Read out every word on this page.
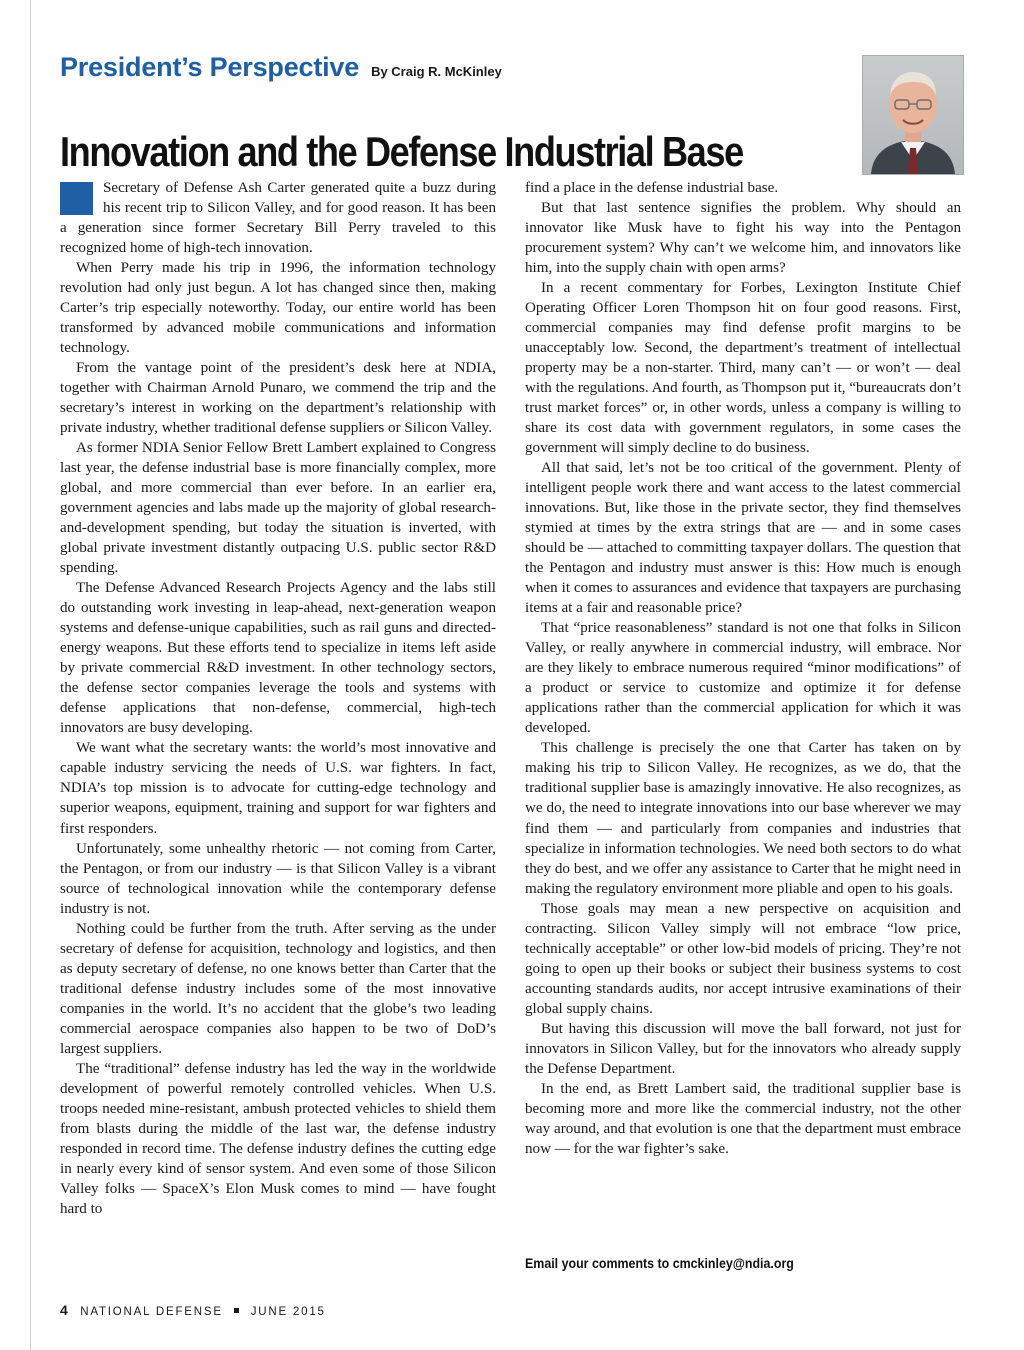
President’s Perspective By Craig R. McKinley
Innovation and the Defense Industrial Base

Secretary of Defense Ash Carter generated quite a buzz during his recent trip to Silicon Valley, and for good reason. It has been a generation since former Secretary Bill Perry traveled to this recognized home of high-tech innovation.

When Perry made his trip in 1996, the information technology revolution had only just begun. A lot has changed since then, making Carter’s trip especially noteworthy. Today, our entire world has been transformed by advanced mobile communications and information technology.

From the vantage point of the president’s desk here at NDIA, together with Chairman Arnold Punaro, we commend the trip and the secretary’s interest in working on the department’s relationship with private industry, whether traditional defense suppliers or Silicon Valley.

As former NDIA Senior Fellow Brett Lambert explained to Congress last year, the defense industrial base is more financially complex, more global, and more commercial than ever before. In an earlier era, government agencies and labs made up the majority of global research-and-development spending, but today the situation is inverted, with global private investment distantly outpacing U.S. public sector R&D spending.

The Defense Advanced Research Projects Agency and the labs still do outstanding work investing in leap-ahead, next-generation weapon systems and defense-unique capabilities, such as rail guns and directed-energy weapons. But these efforts tend to specialize in items left aside by private commercial R&D investment. In other technology sectors, the defense sector companies leverage the tools and systems with defense applications that non-defense, commercial, high-tech innovators are busy developing.

We want what the secretary wants: the world’s most innovative and capable industry servicing the needs of U.S. war fighters. In fact, NDIA’s top mission is to advocate for cutting-edge technology and superior weapons, equipment, training and support for war fighters and first responders.

Unfortunately, some unhealthy rhetoric — not coming from Carter, the Pentagon, or from our industry — is that Silicon Valley is a vibrant source of technological innovation while the contemporary defense industry is not.

Nothing could be further from the truth. After serving as the under secretary of defense for acquisition, technology and logistics, and then as deputy secretary of defense, no one knows better than Carter that the traditional defense industry includes some of the most innovative companies in the world. It’s no accident that the globe’s two leading commercial aerospace companies also happen to be two of DoD’s largest suppliers.

The “traditional” defense industry has led the way in the worldwide development of powerful remotely controlled vehicles. When U.S. troops needed mine-resistant, ambush protected vehicles to shield them from blasts during the middle of the last war, the defense industry responded in record time. The defense industry defines the cutting edge in nearly every kind of sensor system. And even some of those Silicon Valley folks — SpaceX’s Elon Musk comes to mind — have fought hard to

find a place in the defense industrial base.

But that last sentence signifies the problem. Why should an innovator like Musk have to fight his way into the Pentagon procurement system? Why can’t we welcome him, and innovators like him, into the supply chain with open arms?

In a recent commentary for Forbes, Lexington Institute Chief Operating Officer Loren Thompson hit on four good reasons. First, commercial companies may find defense profit margins to be unacceptably low. Second, the department’s treatment of intellectual property may be a non-starter. Third, many can’t — or won’t — deal with the regulations. And fourth, as Thompson put it, “bureaucrats don’t trust market forces” or, in other words, unless a company is willing to share its cost data with government regulators, in some cases the government will simply decline to do business.

All that said, let’s not be too critical of the government. Plenty of intelligent people work there and want access to the latest commercial innovations. But, like those in the private sector, they find themselves stymied at times by the extra strings that are — and in some cases should be — attached to committing taxpayer dollars. The question that the Pentagon and industry must answer is this: How much is enough when it comes to assurances and evidence that taxpayers are purchasing items at a fair and reasonable price?

That “price reasonableness” standard is not one that folks in Silicon Valley, or really anywhere in commercial industry, will embrace. Nor are they likely to embrace numerous required “minor modifications” of a product or service to customize and optimize it for defense applications rather than the commercial application for which it was developed.

This challenge is precisely the one that Carter has taken on by making his trip to Silicon Valley. He recognizes, as we do, that the traditional supplier base is amazingly innovative. He also recognizes, as we do, the need to integrate innovations into our base wherever we may find them — and particularly from companies and industries that specialize in information technologies. We need both sectors to do what they do best, and we offer any assistance to Carter that he might need in making the regulatory environment more pliable and open to his goals.

Those goals may mean a new perspective on acquisition and contracting. Silicon Valley simply will not embrace “low price, technically acceptable” or other low-bid models of pricing. They’re not going to open up their books or subject their business systems to cost accounting standards audits, nor accept intrusive examinations of their global supply chains.

But having this discussion will move the ball forward, not just for innovators in Silicon Valley, but for the innovators who already supply the Defense Department.

In the end, as Brett Lambert said, the traditional supplier base is becoming more and more like the commercial industry, not the other way around, and that evolution is one that the department must embrace now — for the war fighter’s sake.

Email your comments to cmckinley@ndia.org
4 NATIONAL DEFENSE JUNE 2015
